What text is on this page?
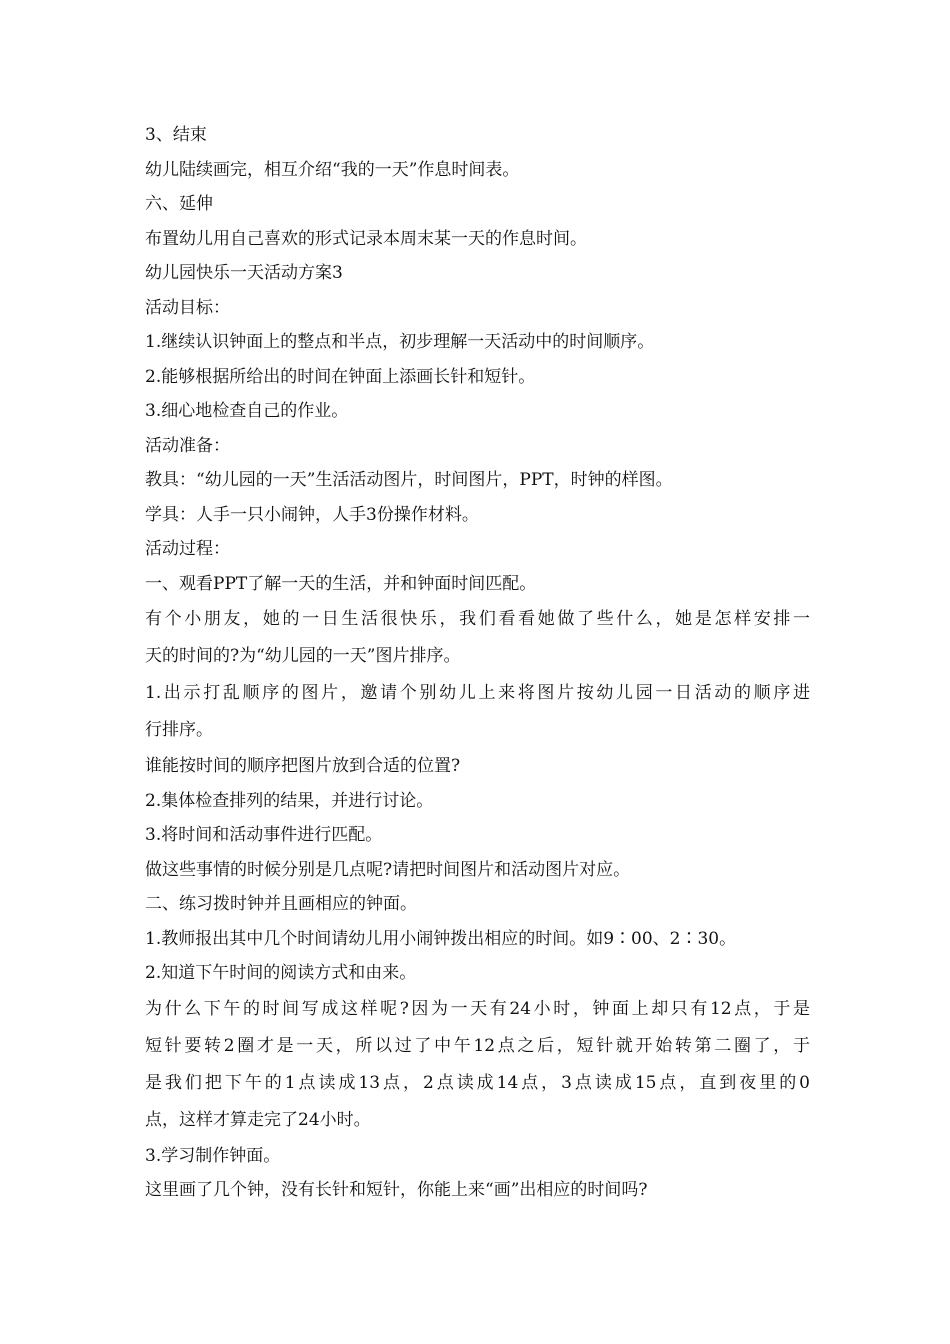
3、结束
幼儿陆续画完，相互介绍“我的一天”作息时间表。
六、延伸
布置幼儿用自己喜欢的形式记录本周末某一天的作息时间。
幼儿园快乐一天活动方案3
活动目标：
1.继续认识钟面上的整点和半点，初步理解一天活动中的时间顺序。
2.能够根据所给出的时间在钟面上添画长针和短针。
3.细心地检查自己的作业。
活动准备：
教具：“幼儿园的一天”生活活动图片，时间图片，PPT，时钟的样图。
学具：人手一只小闹钟，人手3份操作材料。
活动过程：
一、观看PPT了解一天的生活，并和钟面时间匹配。
有个小朋友，她的一日生活很快乐，我们看看她做了些什么，她是怎样安排一
天的时间的?为“幼儿园的一天”图片排序。
1.出示打乱顺序的图片，邀请个别幼儿上来将图片按幼儿园一日活动的顺序进
行排序。
谁能按时间的顺序把图片放到合适的位置?
2.集体检查排列的结果，并进行讨论。
3.将时间和活动事件进行匹配。
做这些事情的时候分别是几点呢?请把时间图片和活动图片对应。
二、练习拨时钟并且画相应的钟面。
1.教师报出其中几个时间请幼儿用小闹钟拨出相应的时间。如9∶00、2∶30。
2.知道下午时间的阅读方式和由来。
为什么下午的时间写成这样呢?因为一天有24小时，钟面上却只有12点，于是
短针要转2圈才是一天，所以过了中午12点之后，短针就开始转第二圈了，于
是我们把下午的1点读成13点，2点读成14点，3点读成15点，直到夜里的0
点，这样才算走完了24小时。
3.学习制作钟面。
这里画了几个钟，没有长针和短针，你能上来“画”出相应的时间吗?
